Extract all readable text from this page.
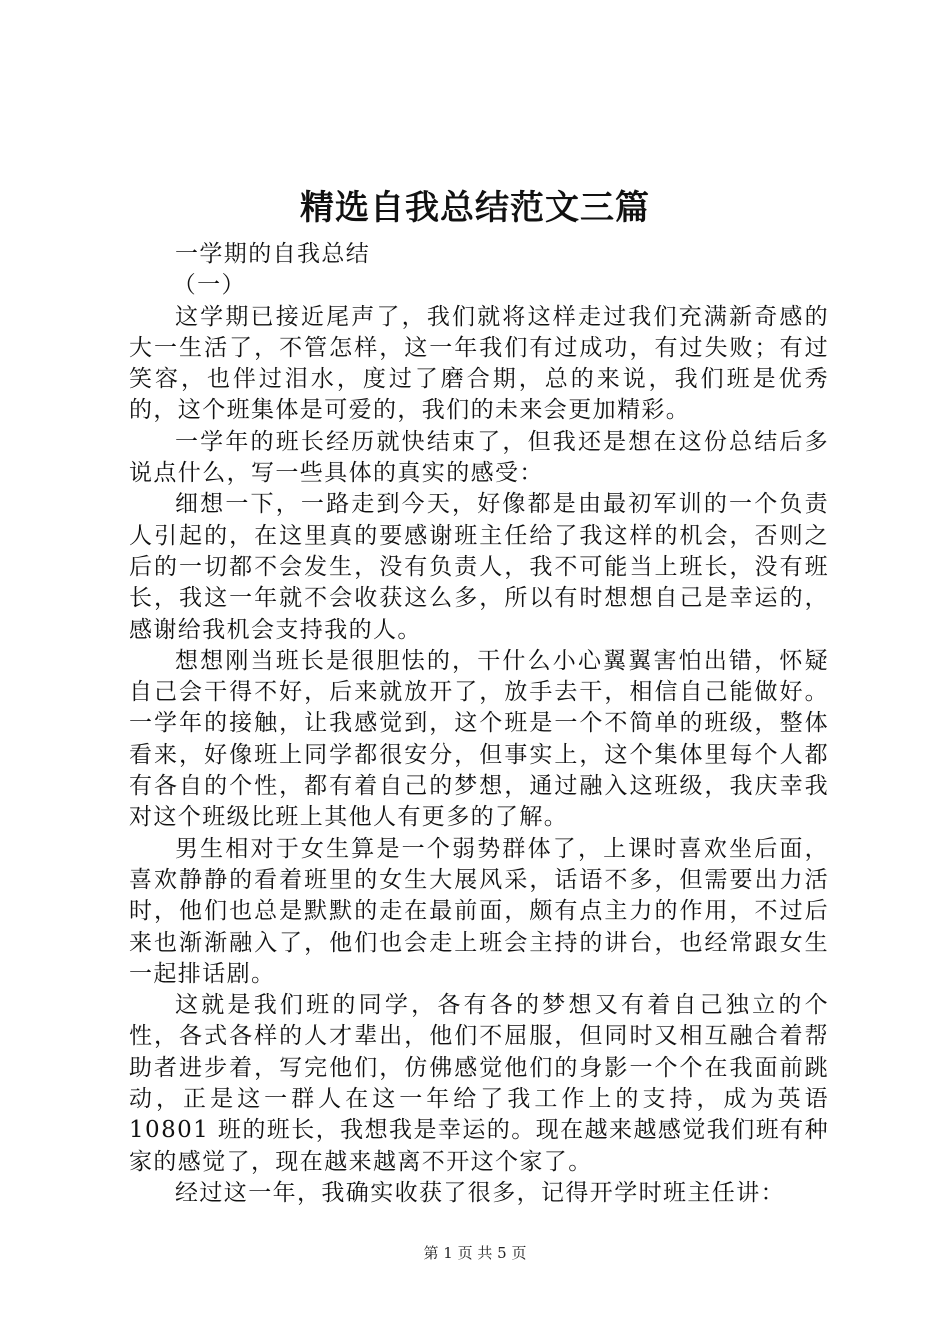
精选自我总结范文三篇

一学期的自我总结

（一）

这学期已接近尾声了，我们就将这样走过我们充满新奇感的大一生活了，不管怎样，这一年我们有过成功，有过失败；有过笑容，也伴过泪水，度过了磨合期，总的来说，我们班是优秀的，这个班集体是可爱的，我们的未来会更加精彩。

一学年的班长经历就快结束了，但我还是想在这份总结后多说点什么，写一些具体的真实的感受：

细想一下，一路走到今天，好像都是由最初军训的一个负责人引起的，在这里真的要感谢班主任给了我这样的机会，否则之后的一切都不会发生，没有负责人，我不可能当上班长，没有班长，我这一年就不会收获这么多，所以有时想想自己是幸运的，感谢给我机会支持我的人。

想想刚当班长是很胆怯的，干什么小心翼翼害怕出错，怀疑自己会干得不好，后来就放开了，放手去干，相信自己能做好。一学年的接触，让我感觉到，这个班是一个不简单的班级，整体看来，好像班上同学都很安分，但事实上，这个集体里每个人都有各自的个性，都有着自己的梦想，通过融入这班级，我庆幸我对这个班级比班上其他人有更多的了解。

男生相对于女生算是一个弱势群体了，上课时喜欢坐后面，喜欢静静的看着班里的女生大展风采，话语不多，但需要出力活时，他们也总是默默的走在最前面，颇有点主力的作用，不过后来也渐渐融入了，他们也会走上班会主持的讲台，也经常跟女生一起排话剧。

这就是我们班的同学，各有各的梦想又有着自己独立的个性，各式各样的人才辈出，他们不屈服，但同时又相互融合着帮助者进步着，写完他们，仿佛感觉他们的身影一个个在我面前跳动，正是这一群人在这一年给了我工作上的支持，成为英语 10801 班的班长，我想我是幸运的。现在越来越感觉我们班有种家的感觉了，现在越来越离不开这个家了。

经过这一年，我确实收获了很多，记得开学时班主任讲：

第 1 页 共 5 页
